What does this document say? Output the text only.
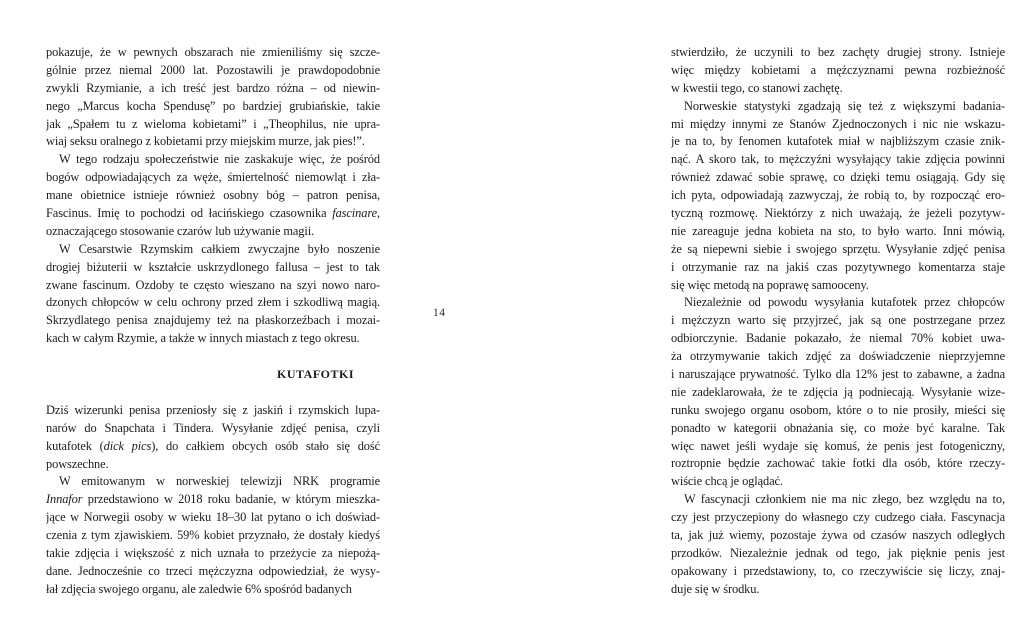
pokazuje, że w pewnych obszarach nie zmieniliśmy się szcze-
gólnie przez niemal 2000 lat. Pozostawili je prawdopodobnie
zwykli Rzymianie, a ich treść jest bardzo różna – od niewin-
nego „Marcus kocha Spendusę” po bardziej grubiańskie, takie
jak „Spałem tu z wieloma kobietami” i „Theophilus, nie upra-
wiaj seksu oralnego z kobietami przy miejskim murze, jak pies!”.
W tego rodzaju społeczeństwie nie zaskakuje więc, że pośród
bogów odpowiadających za węże, śmiertelność niemowląt i zła-
mane obietnice istnieje również osobny bóg – patron penisa,
Fascinus. Imię to pochodzi od łacińskiego czasownika fascinare,
oznaczającego stosowanie czarów lub używanie magii.
W Cesarstwie Rzymskim całkiem zwyczajne było noszenie
drogiej biżuterii w kształcie uskrzydlonego fallusa – jest to tak
zwane fascinum. Ozdoby te często wieszano na szyi nowo naro-
dzonych chłopców w celu ochrony przed złem i szkodliwą magią.
Skrzydlatego penisa znajdujemy też na płaskorzeźbach i mozai-
kach w całym Rzymie, a także w innych miastach z tego okresu.
KUTAFOTKI
Dziś wizerunki penisa przeniosły się z jaskiń i rzymskich lupa-
narów do Snapchata i Tindera. Wysyłanie zdjęć penisa, czyli
kutafotek (dick pics), do całkiem obcych osób stało się dość
powszechne.
W emitowanym w norweskiej telewizji NRK programie
Innafor przedstawiono w 2018 roku badanie, w którym mieszka-
jące w Norwegii osoby w wieku 18–30 lat pytano o ich doświad-
czenia z tym zjawiskiem. 59% kobiet przyznało, że dostały kiedyś
takie zdjęcia i większość z nich uznała to przeżycie za niepożą-
dane. Jednocześnie co trzeci mężczyzna odpowiedział, że wysy-
łał zdjęcia swojego organu, ale zaledwie 6% spośród badanych
14
stwierdziło, że uczynili to bez zachęty drugiej strony. Istnieje
więc między kobietami a mężczyznami pewna rozbieżność
w kwestii tego, co stanowi zachętę.
Norweskie statystyki zgadzają się też z większymi badania-
mi między innymi ze Stanów Zjednoczonych i nic nie wskazu-
je na to, by fenomen kutafotek miał w najbliższym czasie znik-
nąć. A skoro tak, to mężczyźni wysyłający takie zdjęcia powinni
również zdawać sobie sprawę, co dzięki temu osiągają. Gdy się
ich pyta, odpowiadają zazwyczaj, że robią to, by rozpocząć ero-
tyczną rozmowę. Niektórzy z nich uważają, że jeżeli pozytyw-
nie zareaguje jedna kobieta na sto, to było warto. Inni mówią,
że są niepewni siebie i swojego sprzętu. Wysyłanie zdjęć penisa
i otrzymanie raz na jakiś czas pozytywnego komentarza staje
się więc metodą na poprawę samooceny.
Niezależnie od powodu wysyłania kutafotek przez chłopców
i mężczyzn warto się przyjrzeć, jak są one postrzegane przez
odbiorczynie. Badanie pokazało, że niemal 70% kobiet uwa-
ża otrzymywanie takich zdjęć za doświadczenie nieprzyjemne
i naruszające prywatność. Tylko dla 12% jest to zabawne, a żadna
nie zadeklarowała, że te zdjęcia ją podniecają. Wysyłanie wize-
runku swojego organu osobom, które o to nie prosiły, mieści się
ponadto w kategorii obnażania się, co może być karalne. Tak
więc nawet jeśli wydaje się komuś, że penis jest fotogeniczny,
roztropnie będzie zachować takie fotki dla osób, które rzeczy-
wiście chcą je oglądać.
W fascynacji członkiem nie ma nic złego, bez względu na to,
czy jest przyczepiony do własnego czy cudzego ciała. Fascynacja
ta, jak już wiemy, pozostaje żywa od czasów naszych odległych
przodków. Niezależnie jednak od tego, jak pięknie penis jest
opakowany i przedstawiony, to, co rzeczywiście się liczy, znaj-
duje się w środku.
